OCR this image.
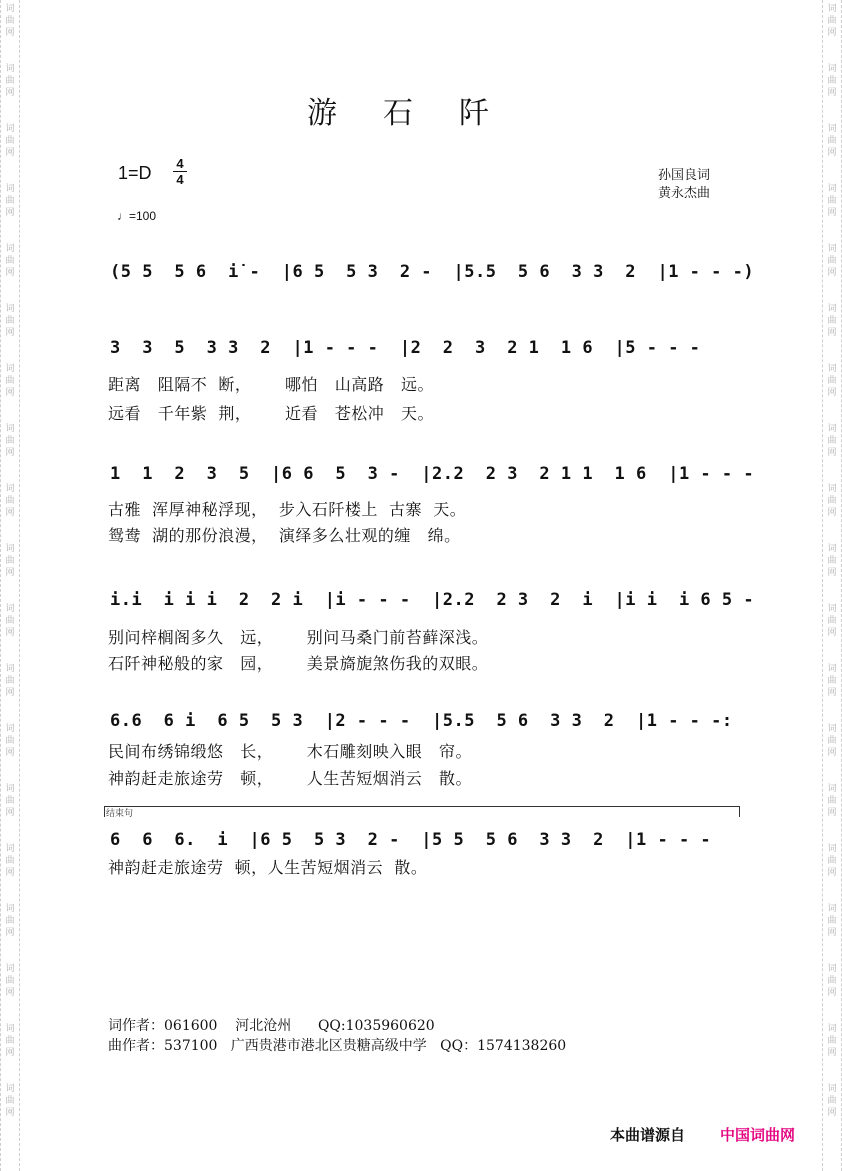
词
曲
网
词
曲
网
词
曲
网
词
曲
网
词
曲
网
词
曲
网
词
曲
网
词
曲
网
词
曲
网
词
曲
网
词
曲
网
词
曲
网
词
曲
网
词
曲
网
词
曲
网
词
曲
网
词
曲
网
词
曲
网
词
曲
网
词
曲
网
词
曲
网
词
曲
网
词
曲
网
词
曲
网
词
曲
网
词
曲
网
词
曲
网
词
曲
网
词
曲
网
词
曲
网
词
曲
网
词
曲
网
词
曲
网
词
曲
网
词
曲
网
词
曲
网
词
曲
网
词
曲
网
游石阡
1=D	4
4
♩=100
孙国良词
黄永杰曲
(5 5  5 6  i̇ -  |6 5  5 3  2 -  |5.5  5 6  3 3  2  |1 - - -)
3  3  5  3 3  2  |1 - - -  |2  2  3  2 1  1 6  |5 - - -
距离   阻隔不  断，      哪怕   山高路   远。
远看   千年紫  荆，      近看   苍松冲   天。
1  1  2  3  5  |6 6  5  3 -  |2.2  2 3  2 1 1  1 6  |1 - - -
古雅  浑厚神秘浮现，  步入石阡楼上  古寨  天。
鸳鸯  湖的那份浪漫，  演绎多么壮观的缠   绵。
i.i  i i i  2  2 i  |i - - -  |2.2  2 3  2  i  |i i  i 6 5 -
别问梓榈阁多久   远，      别问马桑门前苔藓深浅。
石阡神秘般的家   园，      美景旖旎煞伤我的双眼。
6.6  6 i  6 5  5 3  |2 - - -  |5.5  5 6  3 3  2  |1 - - -:
民间布绣锦缎悠   长，      木石雕刻映入眼   帘。
神韵赶走旅途劳   顿，      人生苦短烟消云   散。
结束句
6  6  6.  i  |6 5  5 3  2 -  |5 5  5 6  3 3  2  |1 - - -
神韵赶走旅途劳  顿，人生苦短烟消云  散。
词作者：061600    河北沧州      QQ:1035960620
曲作者：537100   广西贵港市港北区贵糖高级中学   QQ：1574138260
本曲谱源自 中国词曲网
